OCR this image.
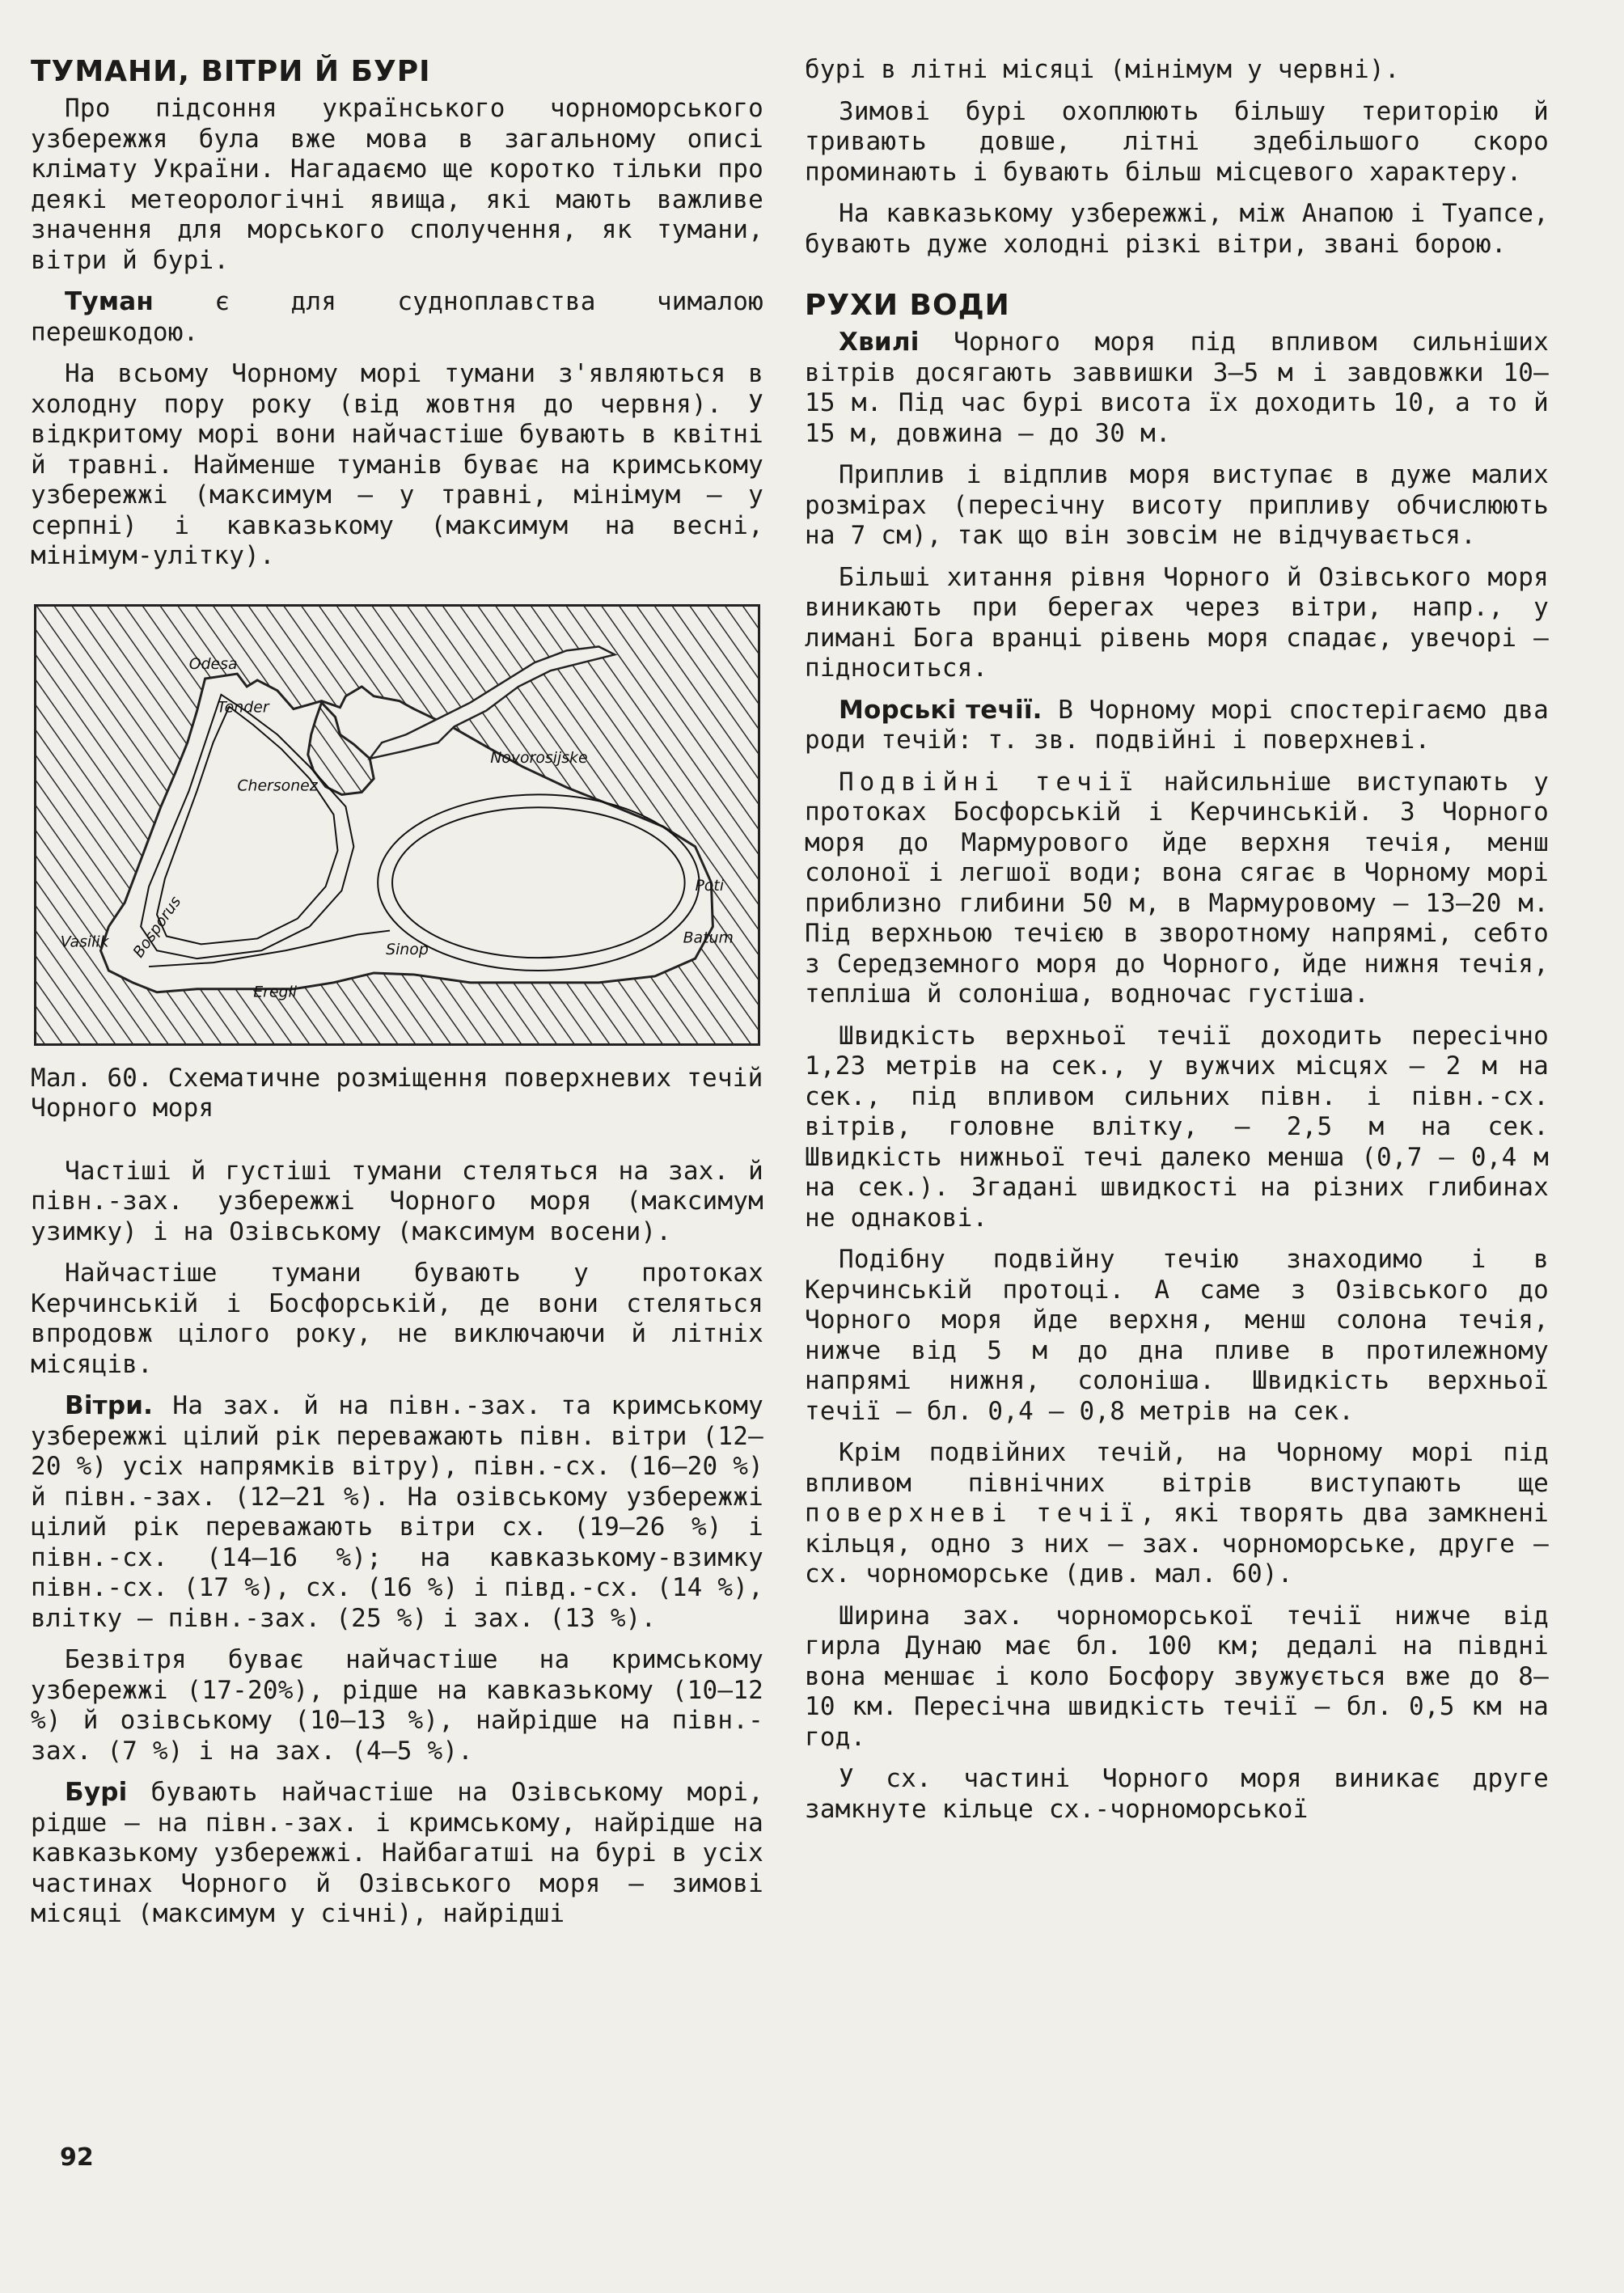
ТУМАНИ, ВІТРИ Й БУРІ

Про підсоння українського чорноморського узбережжя була вже мова в загальному описі клімату України. Нагадаємо ще коротко тільки про деякі метеорологічні явища, які мають важливе значення для морського сполучення, як тумани, вітри й бурі.

Туман є для судноплавства чималою перешкодою.

На всьому Чорному морі тумани з'являються в холодну пору року (від жовтня до червня). У відкритому морі вони найчастіше бувають в квітні й травні. Найменше туманів буває на кримському узбережжі (максимум — у травні, мінімум — у серпні) і кавказькому (максимум на весні, мінімум-улітку).

Odesa
Tender
Chersonez
Novorosijske
Poti
Batum
Sinop
Eregli
Bosporus
Vasilik

Мал. 60. Схематичне розміщення поверхневих течій Чорного моря

Частіші й густіші тумани стеляться на зах. й півн.-зах. узбережжі Чорного моря (максимум узимку) і на Озівському (максимум восени).

Найчастіше тумани бувають у протоках Керчинській і Босфорській, де вони стеляться впродовж цілого року, не виключаючи й літніх місяців.

Вітри. На зах. й на півн.-зах. та кримському узбережжі цілий рік переважають півн. вітри (12—20 %) усіх напрямків вітру), півн.-сх. (16—20 %) й півн.-зах. (12—21 %). На озівському узбережжі цілий рік переважають вітри сх. (19—26 %) і півн.-сх. (14—16 %); на кавказькому-взимку півн.-сх. (17 %), сх. (16 %) і півд.-сх. (14 %), влітку — півн.-зах. (25 %) і зах. (13 %).

Безвітря буває найчастіше на кримському узбережжі (17-20%), рідше на кавказькому (10—12 %) й озівському (10—13 %), найрідше на півн.-зах. (7 %) і на зах. (4—5 %).

Бурі бувають найчастіше на Озівському морі, рідше — на півн.-зах. і кримському, найрідше на кавказькому узбережжі. Найбагатші на бурі в усіх частинах Чорного й Озівського моря — зимові місяці (максимум у січні), найрідші

бурі в літні місяці (мінімум у червні).

Зимові бурі охоплюють більшу територію й тривають довше, літні здебільшого скоро проминають і бувають більш місцевого характеру.

На кавказькому узбережжі, між Анапою і Туапсе, бувають дуже холодні різкі вітри, звані борою.

РУХИ ВОДИ

Хвилі Чорного моря під впливом сильніших вітрів досягають заввишки 3—5 м і завдовжки 10—15 м. Під час бурі висота їх доходить 10, а то й 15 м, довжина — до 30 м.

Приплив і відплив моря виступає в дуже малих розмірах (пересічну висоту припливу обчислюють на 7 см), так що він зовсім не відчувається.

Більші хитання рівня Чорного й Озівського моря виникають при берегах через вітри, напр., у лимані Бога вранці рівень моря спадає, увечорі — підноситься.

Морські течії. В Чорному морі спостерігаємо два роди течій: т. зв. подвійні і поверхневі.

Подвійні течії найсильніше виступають у протоках Босфорській і Керчинській. З Чорного моря до Мармурового йде верхня течія, менш солоної і легшої води; вона сягає в Чорному морі приблизно глибини 50 м, в Мармуровому — 13—20 м. Під верхньою течією в зворотному напрямі, себто з Середземного моря до Чорного, йде нижня течія, тепліша й солоніша, водночас густіша.

Швидкість верхньої течії доходить пересічно 1,23 метрів на сек., у вужчих місцях — 2 м на сек., під впливом сильних півн. і півн.-сх. вітрів, головне влітку, — 2,5 м на сек. Швидкість нижньої течі далеко менша (0,7 — 0,4 м на сек.). Згадані швидкості на різних глибинах не однакові.

Подібну подвійну течію знаходимо і в Керчинській протоці. А саме з Озівського до Чорного моря йде верхня, менш солона течія, нижче від 5 м до дна пливе в протилежному напрямі нижня, солоніша. Швидкість верхньої течії — бл. 0,4 — 0,8 метрів на сек.

Крім подвійних течій, на Чорному морі під впливом північних вітрів виступають ще поверхневі течії, які творять два замкнені кільця, одно з них — зах. чорноморське, друге — сх. чорноморське (див. мал. 60).

Ширина зах. чорноморської течії нижче від гирла Дунаю має бл. 100 км; дедалі на півдні вона меншає і коло Босфору звужується вже до 8—10 км. Пересічна швидкість течії — бл. 0,5 км на год.

У сх. частині Чорного моря виникає друге замкнуте кільце сх.-чорноморської

92
